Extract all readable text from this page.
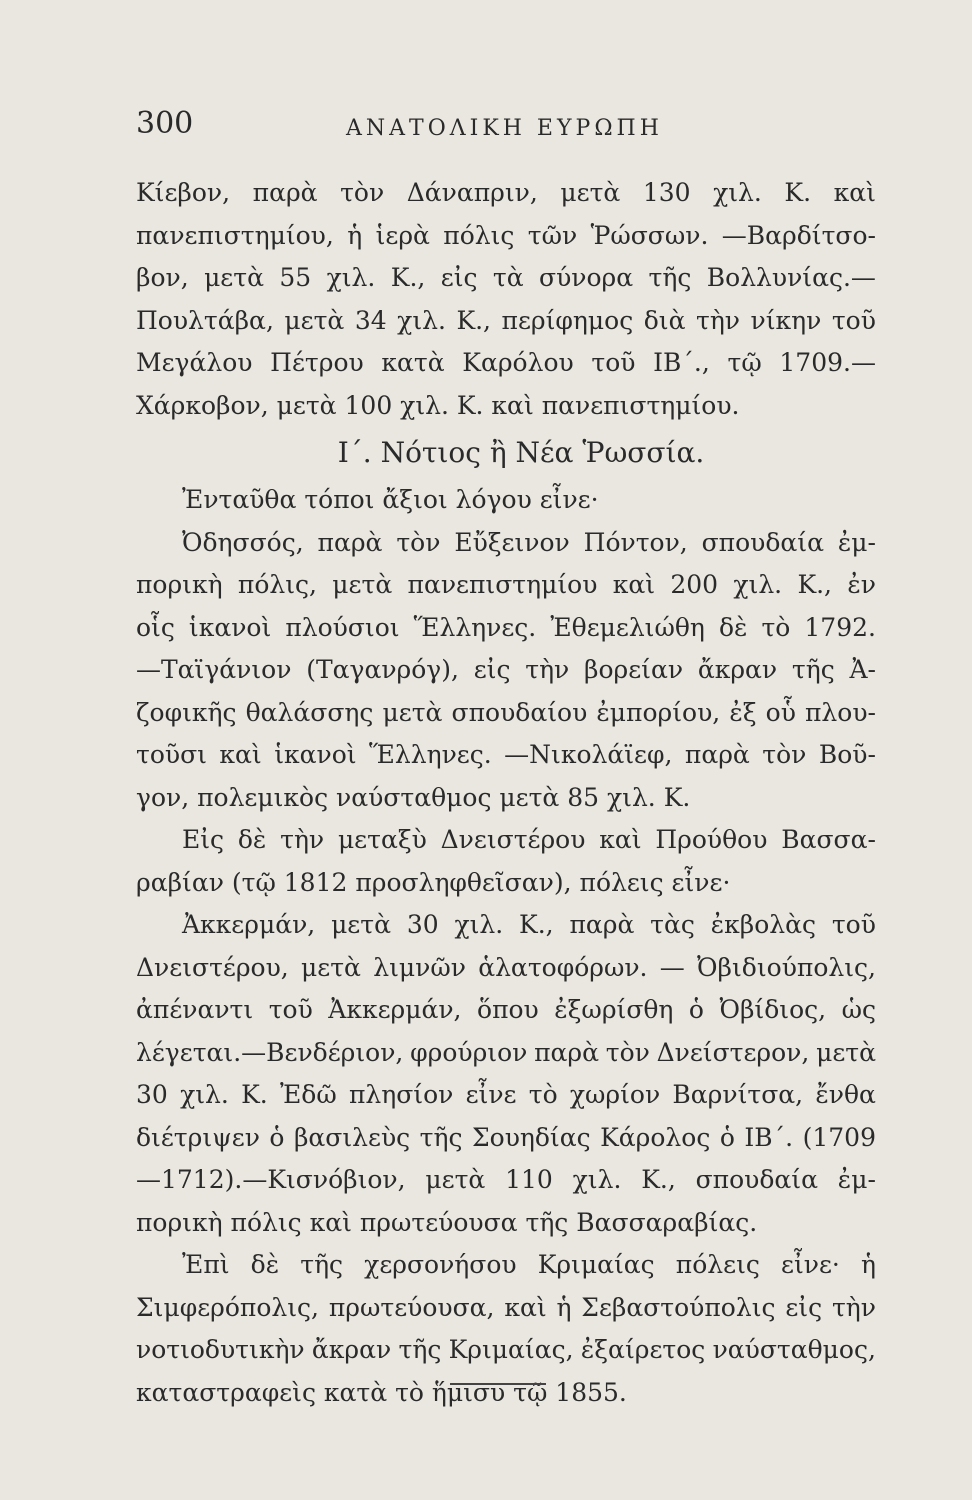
300	ΑΝΑΤΟΛΙΚΗ ΕΥΡΩΠΗ
Κίεβον, παρὰ τὸν Δάναπριν, μετὰ 130 χιλ. Κ. καὶ
πανεπιστημίου, ἡ ἱερὰ πόλις τῶν Ῥώσσων. —Βαρδίτσο-
βον, μετὰ 55 χιλ. Κ., εἰς τὰ σύνορα τῆς Βολλυνίας.—
Πουλτάβα, μετὰ 34 χιλ. Κ., περίφημος διὰ τὴν νίκην τοῦ
Μεγάλου Πέτρου κατὰ Καρόλου τοῦ ΙΒ΄., τῷ 1709.—
Χάρκοβον, μετὰ 100 χιλ. Κ. καὶ πανεπιστημίου.
Ι΄. Νότιος ἢ Νέα Ῥωσσία.
Ἐνταῦθα τόποι ἄξιοι λόγου εἶνε·
Ὀδησσός, παρὰ τὸν Εὔξεινον Πόντον, σπουδαία ἐμ-
πορικὴ πόλις, μετὰ πανεπιστημίου καὶ 200 χιλ. Κ., ἐν
οἷς ἱκανοὶ πλούσιοι Ἕλληνες. Ἐθεμελιώθη δὲ τὸ 1792.
—Ταϊγάνιον (Ταγανρόγ), εἰς τὴν βορείαν ἄκραν τῆς Ἀ-
ζοφικῆς θαλάσσης μετὰ σπουδαίου ἐμπορίου, ἐξ οὗ πλου-
τοῦσι καὶ ἱκανοὶ Ἕλληνες. —Νικολάϊεφ, παρὰ τὸν Βοῦ-
γον, πολεμικὸς ναύσταθμος μετὰ 85 χιλ. Κ.
Εἰς δὲ τὴν μεταξὺ Δνειστέρου καὶ Προύθου Βασσα-
ραβίαν (τῷ 1812 προσληφθεῖσαν), πόλεις εἶνε·
Ἀκκερμάν, μετὰ 30 χιλ. Κ., παρὰ τὰς ἐκβολὰς τοῦ
Δνειστέρου, μετὰ λιμνῶν ἁλατοφόρων. — Ὀβιδιούπολις,
ἀπέναντι τοῦ Ἀκκερμάν, ὅπου ἐξωρίσθη ὁ Ὀβίδιος, ὡς
λέγεται.—Βενδέριον, φρούριον παρὰ τὸν Δνείστερον, μετὰ
30 χιλ. Κ. Ἐδῶ πλησίον εἶνε τὸ χωρίον Βαρνίτσα, ἔνθα
διέτριψεν ὁ βασιλεὺς τῆς Σουηδίας Κάρολος ὁ ΙΒ΄. (1709
—1712).—Κισνόβιον, μετὰ 110 χιλ. Κ., σπουδαία ἐμ-
πορικὴ πόλις καὶ πρωτεύουσα τῆς Βασσαραβίας.
Ἐπὶ δὲ τῆς χερσονήσου Κριμαίας πόλεις εἶνε· ἡ
Σιμφερόπολις, πρωτεύουσα, καὶ ἡ Σεβαστούπολις εἰς τὴν
νοτιοδυτικὴν ἄκραν τῆς Κριμαίας, ἐξαίρετος ναύσταθμος,
καταστραφεὶς κατὰ τὸ ἥμισυ τῷ 1855.
